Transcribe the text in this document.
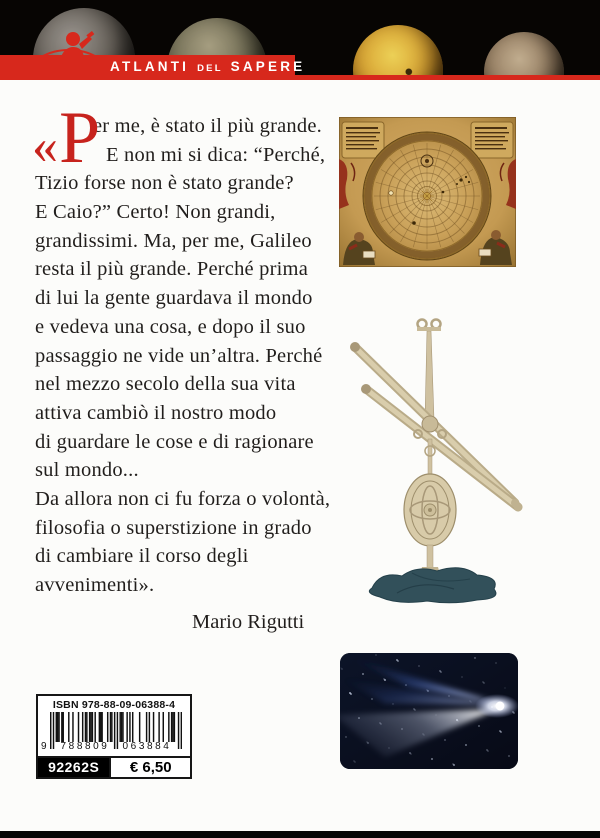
ATLANTI DEL SAPERE
« P
er me, è stato il più grande.
E non mi si dica: “Perché,
Tizio forse non è stato grande?
E Caio?” Certo! Non grandi,
grandissimi. Ma, per me, Galileo
resta il più grande. Perché prima
di lui la gente guardava il mondo
e vedeva una cosa, e dopo il suo
passaggio ne vide un’altra. Perché
nel mezzo secolo della sua vita
attiva cambiò il nostro modo
di guardare le cose e di ragionare
sul mondo...
Da allora non ci fu forza o volontà,
filosofia o superstizione in grado
di cambiare il corso degli
avvenimenti».
Mario Rigutti
ISBN 978-88-09-06388-4
9 788809 063884
92262S	€ 6,50
